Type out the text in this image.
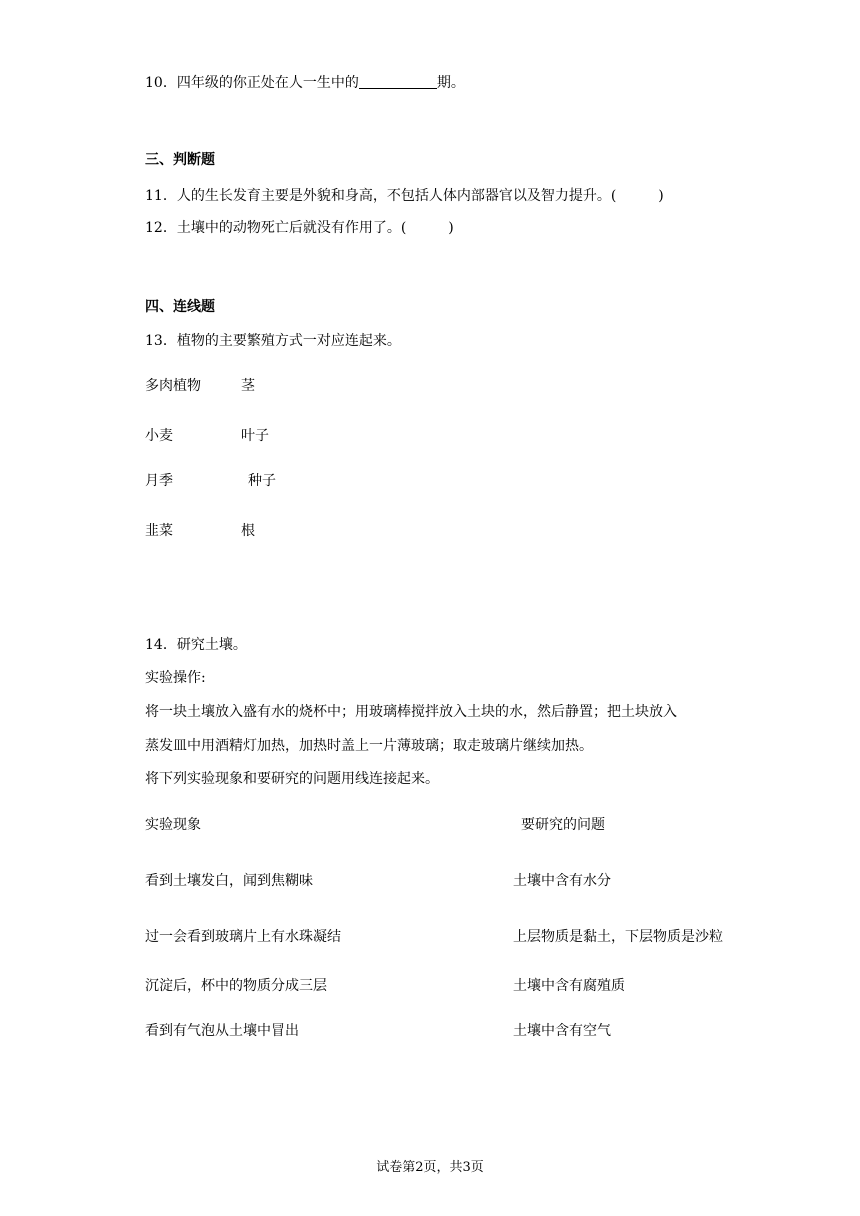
10．四年级的你正处在人一生中的	期。
三、判断题
11．人的生长发育主要是外貌和身高，不包括人体内部器官以及智力提升。(	)
12．土壤中的动物死亡后就没有作用了。(	)
四、连线题
13．植物的主要繁殖方式一对应连起来。
多肉植物	茎
小麦	叶子
月季	种子
韭菜	根
14．研究土壤。
实验操作:
将一块土壤放入盛有水的烧杯中；用玻璃棒搅拌放入土块的水，然后静置；把土块放入
蒸发皿中用酒精灯加热，加热时盖上一片薄玻璃；取走玻璃片继续加热。
将下列实验现象和要研究的问题用线连接起来。
实验现象	要研究的问题
看到土壤发白，闻到焦糊味	土壤中含有水分
过一会看到玻璃片上有水珠凝结	上层物质是黏土，下层物质是沙粒
沉淀后，杯中的物质分成三层	土壤中含有腐殖质
看到有气泡从土壤中冒出	土壤中含有空气
试卷第2页，共3页
